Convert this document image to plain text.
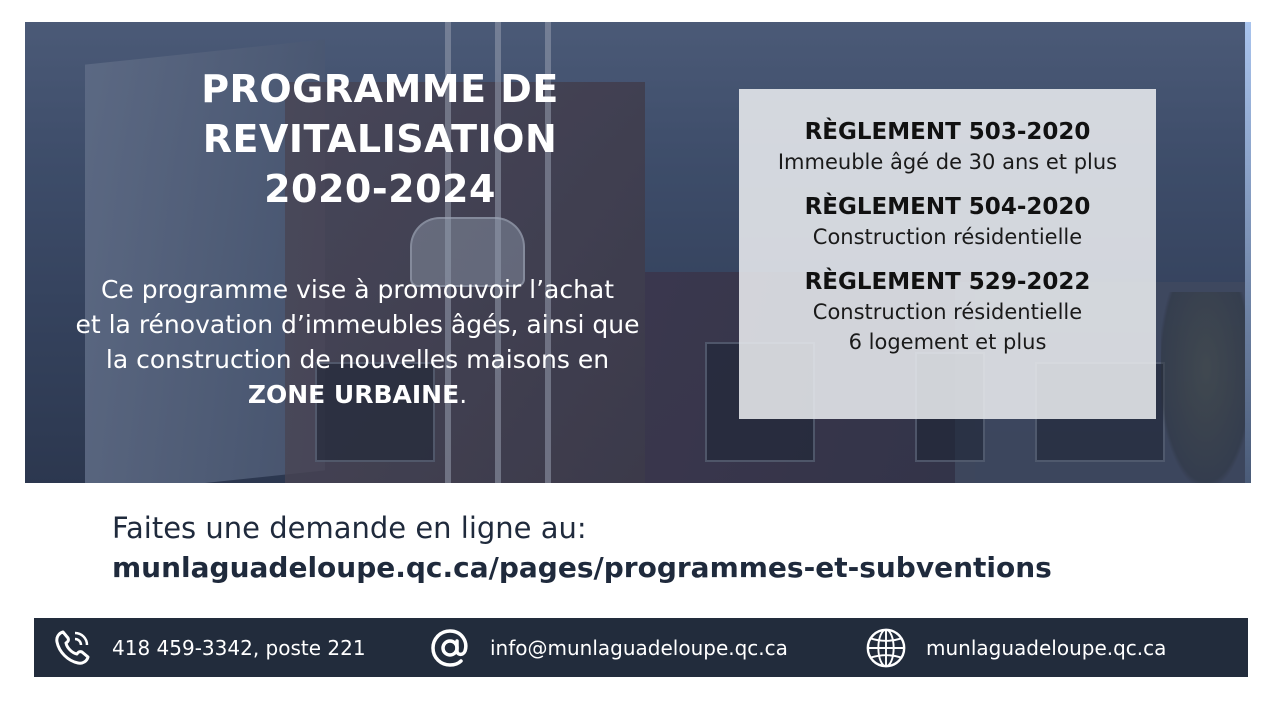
PROGRAMME DE
REVITALISATION
2020-2024
Ce programme vise à promouvoir l’achat
et la rénovation d’immeubles âgés, ainsi que
la construction de nouvelles maisons en
ZONE URBAINE.
RÈGLEMENT 503-2020
Immeuble âgé de 30 ans et plus
RÈGLEMENT 504-2020
Construction résidentielle
RÈGLEMENT 529-2022
Construction résidentielle
6 logement et plus
Faites une demande en ligne au:
munlaguadeloupe.qc.ca/pages/programmes-et-subventions
418 459-3342, poste 221	info@munlaguadeloupe.qc.ca	munlaguadeloupe.qc.ca
